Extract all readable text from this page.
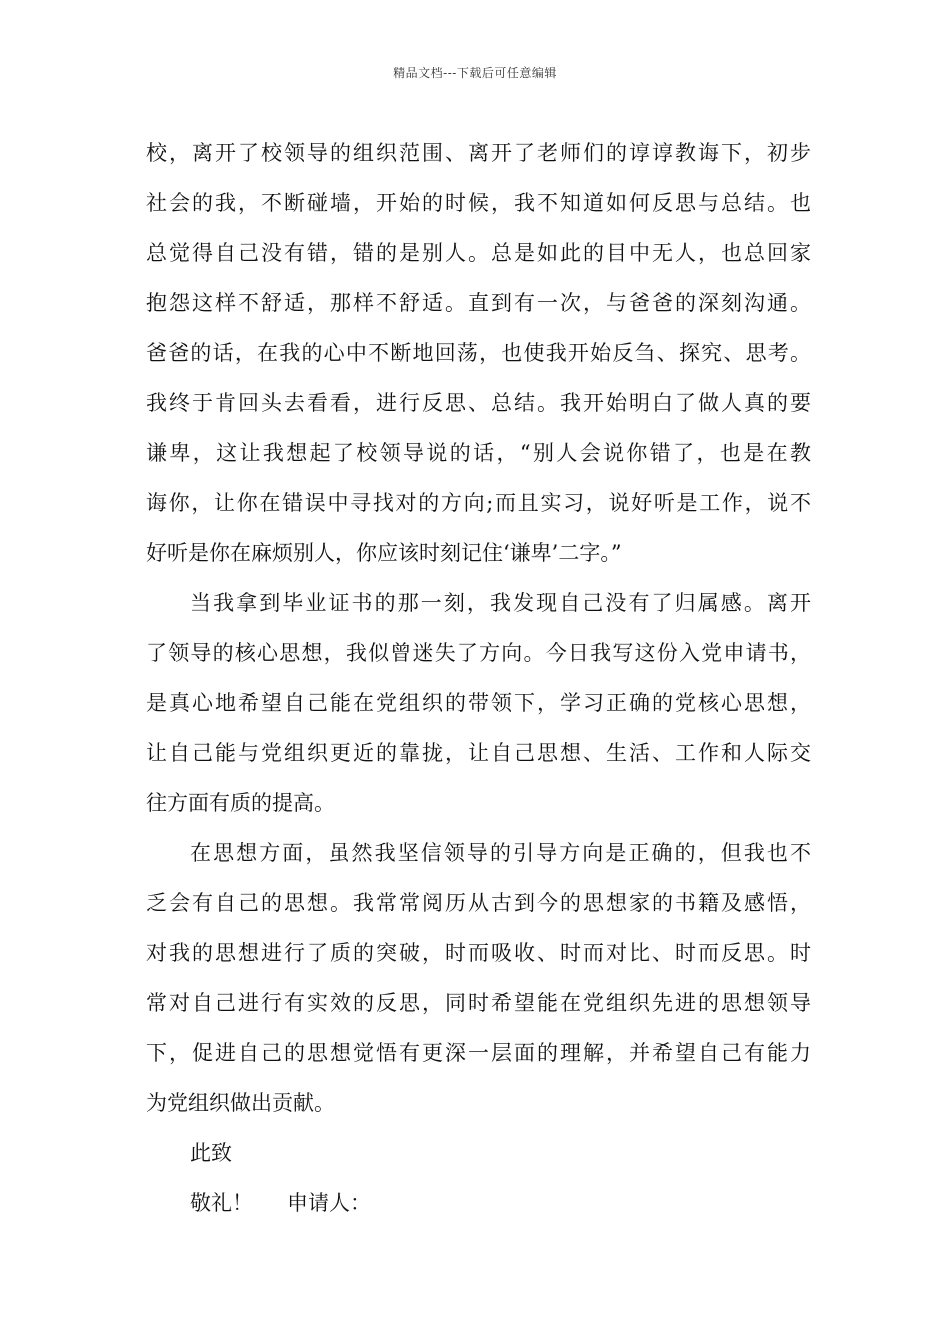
精品文档---下载后可任意编辑
校，离开了校领导的组织范围、离开了老师们的谆谆教诲下，初步
社会的我，不断碰墙，开始的时候，我不知道如何反思与总结。也
总觉得自己没有错，错的是别人。总是如此的目中无人，也总回家
抱怨这样不舒适，那样不舒适。直到有一次，与爸爸的深刻沟通。
爸爸的话，在我的心中不断地回荡，也使我开始反刍、探究、思考。
我终于肯回头去看看，进行反思、总结。我开始明白了做人真的要
谦卑，这让我想起了校领导说的话，“别人会说你错了，也是在教
诲你，让你在错误中寻找对的方向;而且实习，说好听是工作，说不
好听是你在麻烦别人，你应该时刻记住‘谦卑’二字。”
当我拿到毕业证书的那一刻，我发现自己没有了归属感。离开
了领导的核心思想，我似曾迷失了方向。今日我写这份入党申请书，
是真心地希望自己能在党组织的带领下，学习正确的党核心思想，
让自己能与党组织更近的靠拢，让自己思想、生活、工作和人际交
往方面有质的提高。
在思想方面，虽然我坚信领导的引导方向是正确的，但我也不
乏会有自己的思想。我常常阅历从古到今的思想家的书籍及感悟，
对我的思想进行了质的突破，时而吸收、时而对比、时而反思。时
常对自己进行有实效的反思，同时希望能在党组织先进的思想领导
下，促进自己的思想觉悟有更深一层面的理解，并希望自己有能力
为党组织做出贡献。
此致
敬礼！ 申请人：
